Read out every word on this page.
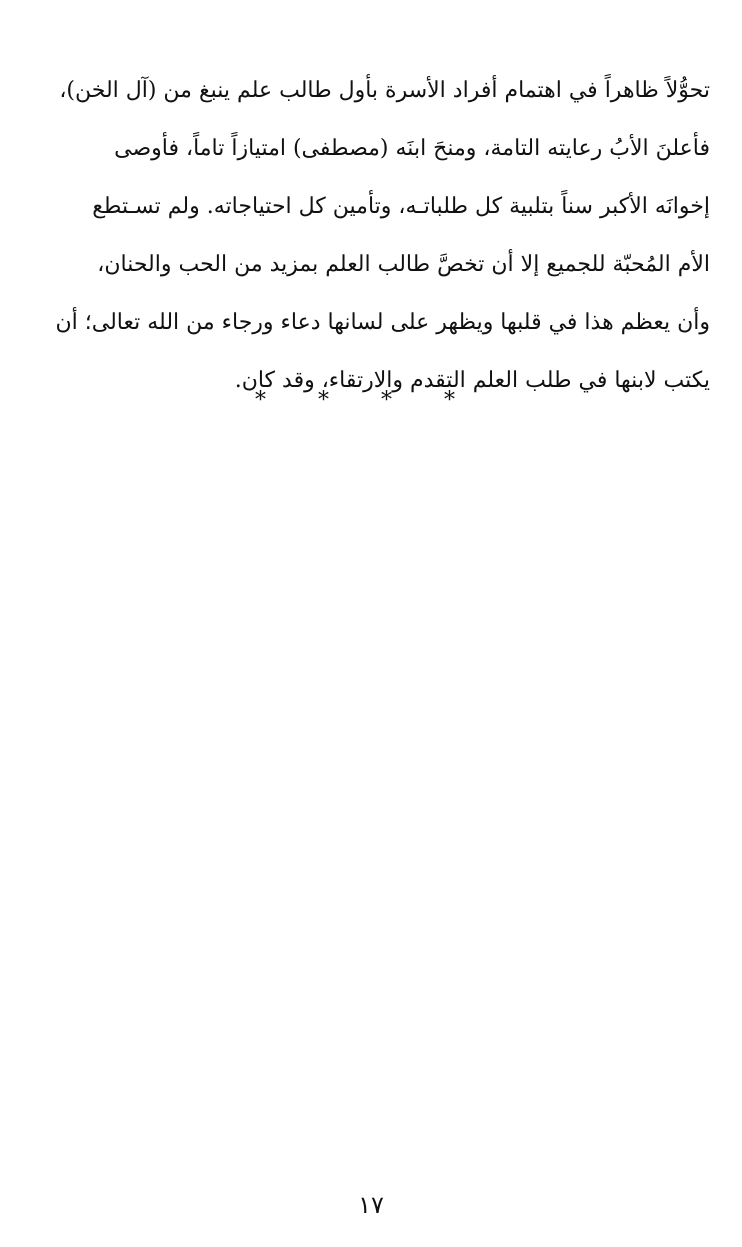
تحوُّلاً ظاهراً في اهتمام أفراد الأسرة بأول طالب علم ينبغ من (آل الخن)،
فأعلنَ الأبُ رعايته التامة، ومنحَ ابنَه (مصطفى) امتيازاً تاماً، فأوصى
إخوانَه الأكبر سناً بتلبية كل طلباتـه، وتأمين كل احتياجاته. ولم تسـتطع
الأم المُحبّة للجميع إلا أن تخصَّ طالب العلم بمزيد من الحب والحنان،
وأن يعظم هذا في قلبها ويظهر على لسانها دعاء ورجاء من الله تعالى؛ أن
يكتب لابنها في طلب العلم التقدم والارتقاء، وقد كان.
* * * *
١٧
